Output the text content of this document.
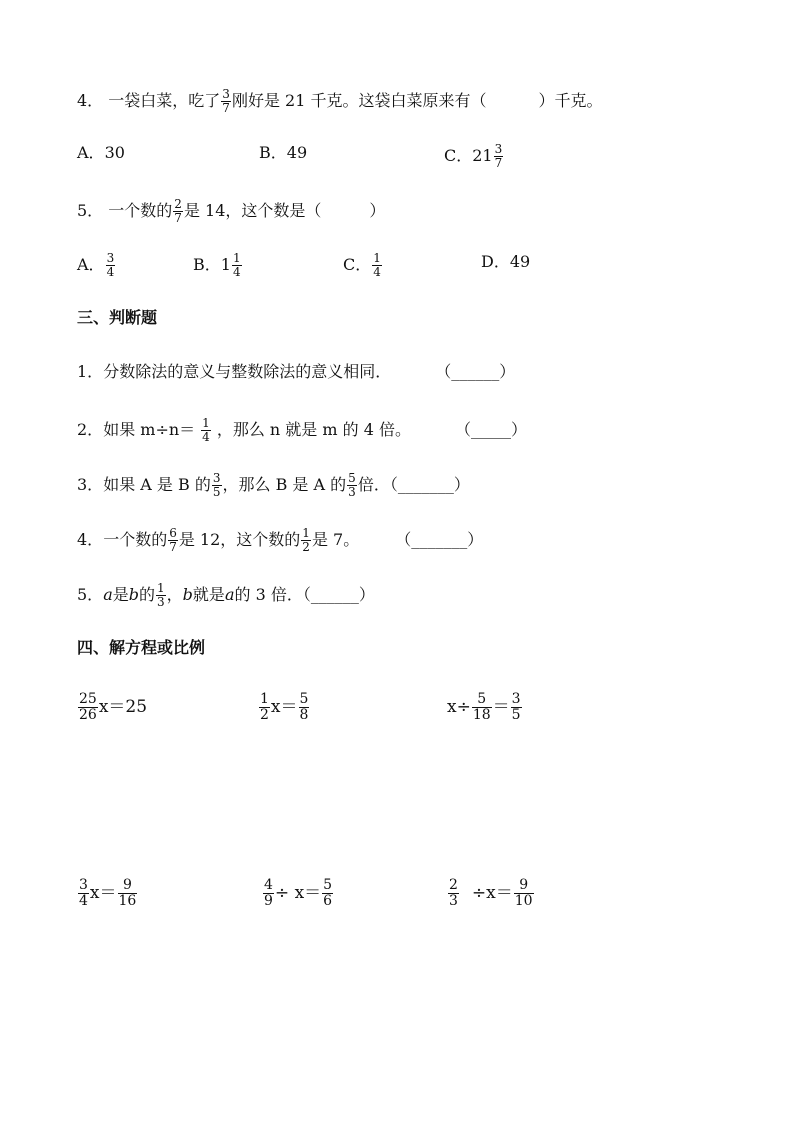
4． 一袋白菜，吃了 $\frac{3}{7}$ 刚好是 21 千克。这袋白菜原来有（	）千克。
A．30	B．49	C．$21 \frac{3}{7}$
5． 一个数的 $\frac{2}{7}$ 是 14，这个数是（	）
A． $\frac{3}{4}$	B．$1 \frac{1}{4}$	C． $\frac{1}{4}$	D．49
三、判断题
1．分数除法的意义与整数除法的意义相同．	（______）
2．如果 $m\div n= \frac{1}{4}$ ，那么 n 就是 m 的 4 倍。	（_____）
3．如果 A 是 B 的 $\frac{3}{5}$ ，那么 B 是 A 的 $\frac{5}{3}$ 倍．（_______）
4．一个数的 $\frac{6}{7}$ 是 12，这个数的 $\frac{1}{2}$ 是 7。 （_______）
5．a是b的 $\frac{1}{3}$ ，b就是a的 3 倍．（______）
四、解方程或比例
$\frac{25}{26} x=25$	$\frac{1}{2} x= \frac{5}{8}$	$x\div \frac{5}{18} = \frac{3}{5}$
$\frac{3}{4} x= \frac{9}{16}$	$\frac{4}{9} \div x= \frac{5}{6}$	$\frac{2}{3} \div x= \frac{9}{10}$
